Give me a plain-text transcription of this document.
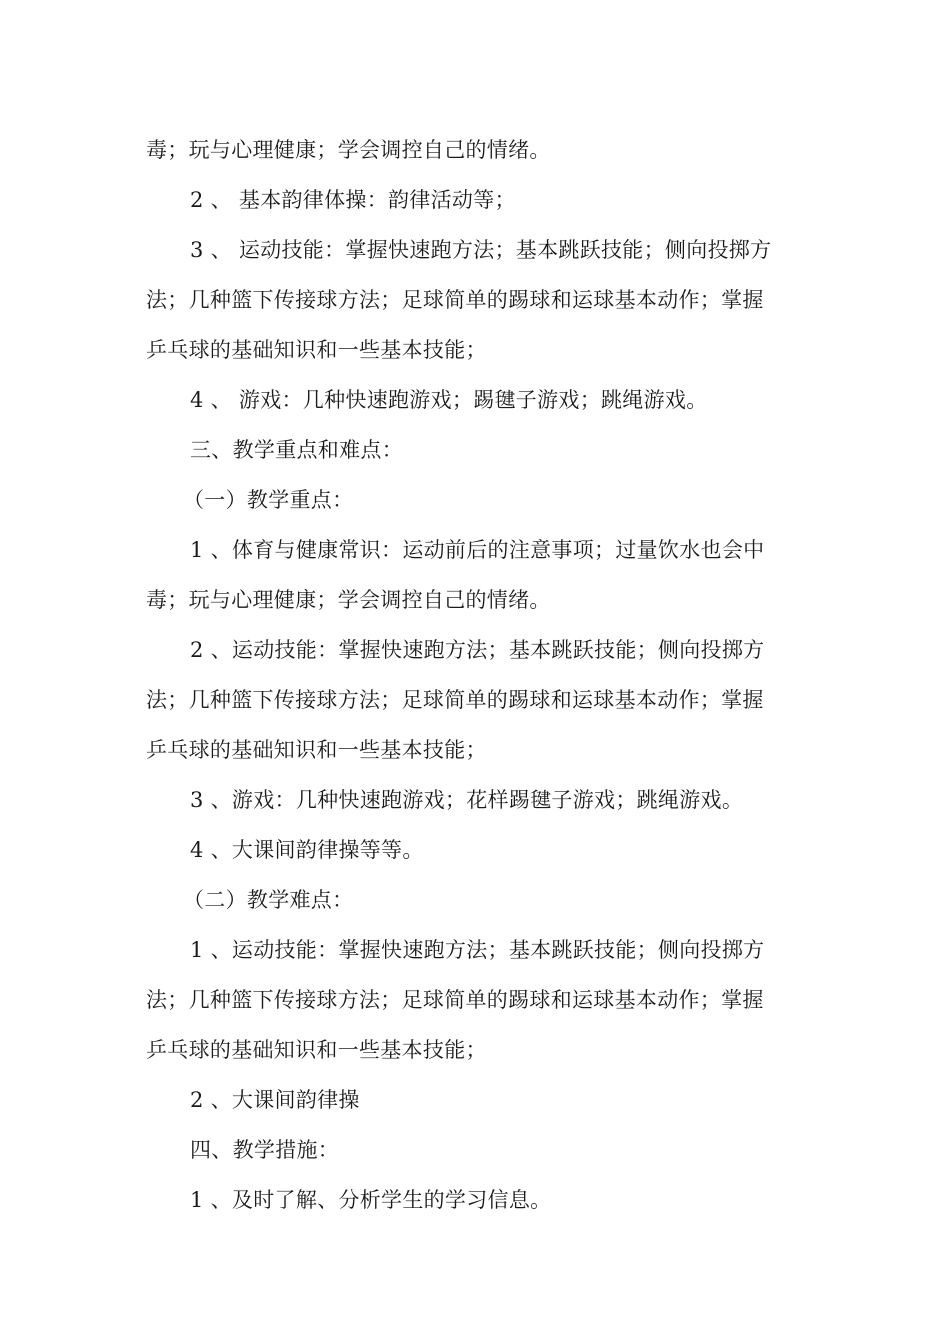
毒；玩与心理健康；学会调控自己的情绪。

2 、 基本韵律体操：韵律活动等；

3 、 运动技能：掌握快速跑方法；基本跳跃技能；侧向投掷方

法；几种篮下传接球方法；足球简单的踢球和运球基本动作；掌握

乒乓球的基础知识和一些基本技能；

4 、 游戏：几种快速跑游戏；踢毽子游戏；跳绳游戏。

三、教学重点和难点：

（一）教学重点：

1 、体育与健康常识：运动前后的注意事项；过量饮水也会中

毒；玩与心理健康；学会调控自己的情绪。

2 、运动技能：掌握快速跑方法；基本跳跃技能；侧向投掷方

法；几种篮下传接球方法；足球简单的踢球和运球基本动作；掌握

乒乓球的基础知识和一些基本技能；

3 、游戏：几种快速跑游戏；花样踢毽子游戏；跳绳游戏。

4 、大课间韵律操等等。

（二）教学难点：

1 、运动技能：掌握快速跑方法；基本跳跃技能；侧向投掷方

法；几种篮下传接球方法；足球简单的踢球和运球基本动作；掌握

乒乓球的基础知识和一些基本技能；

2 、大课间韵律操

四、教学措施：

1 、及时了解、分析学生的学习信息。
